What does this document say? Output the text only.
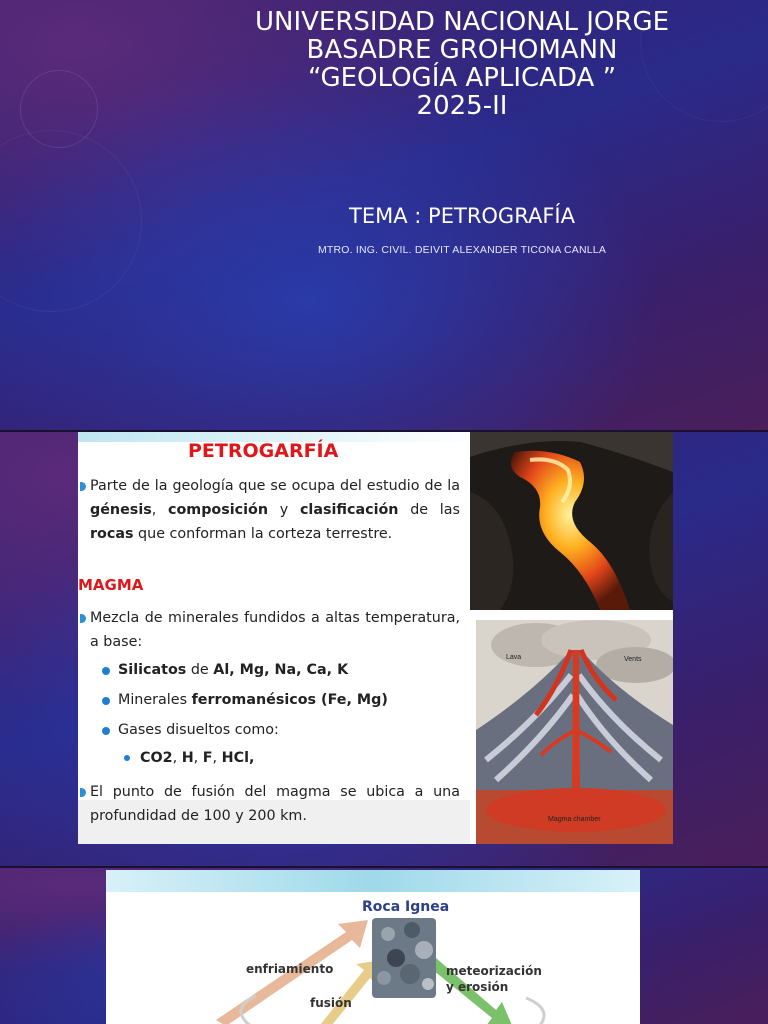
UNIVERSIDAD NACIONAL JORGE
BASADRE GROHOMANN
“GEOLOGÍA APLICADA ”
2025-II
TEMA : PETROGRAFÍA
MTRO. ING. CIVIL. DEIVIT ALEXANDER TICONA CANLLA
PETROGARFÍA
Parte de la geología que se ocupa del estudio de la génesis, composición y clasificación de las rocas que conforman la corteza terrestre.
MAGMA
Mezcla de minerales fundidos a altas temperatura, a base:
Silicatos de Al, Mg, Na, Ca, K
Minerales ferromanésicos (Fe, Mg)
Gases disueltos como:
CO2, H, F, HCl,
El punto de fusión del magma se ubica a una profundidad de 100 y 200 km.
Lava	Vents
Magma chamber
Roca Ignea
enfriamiento
fusión
meteorización
y erosión
